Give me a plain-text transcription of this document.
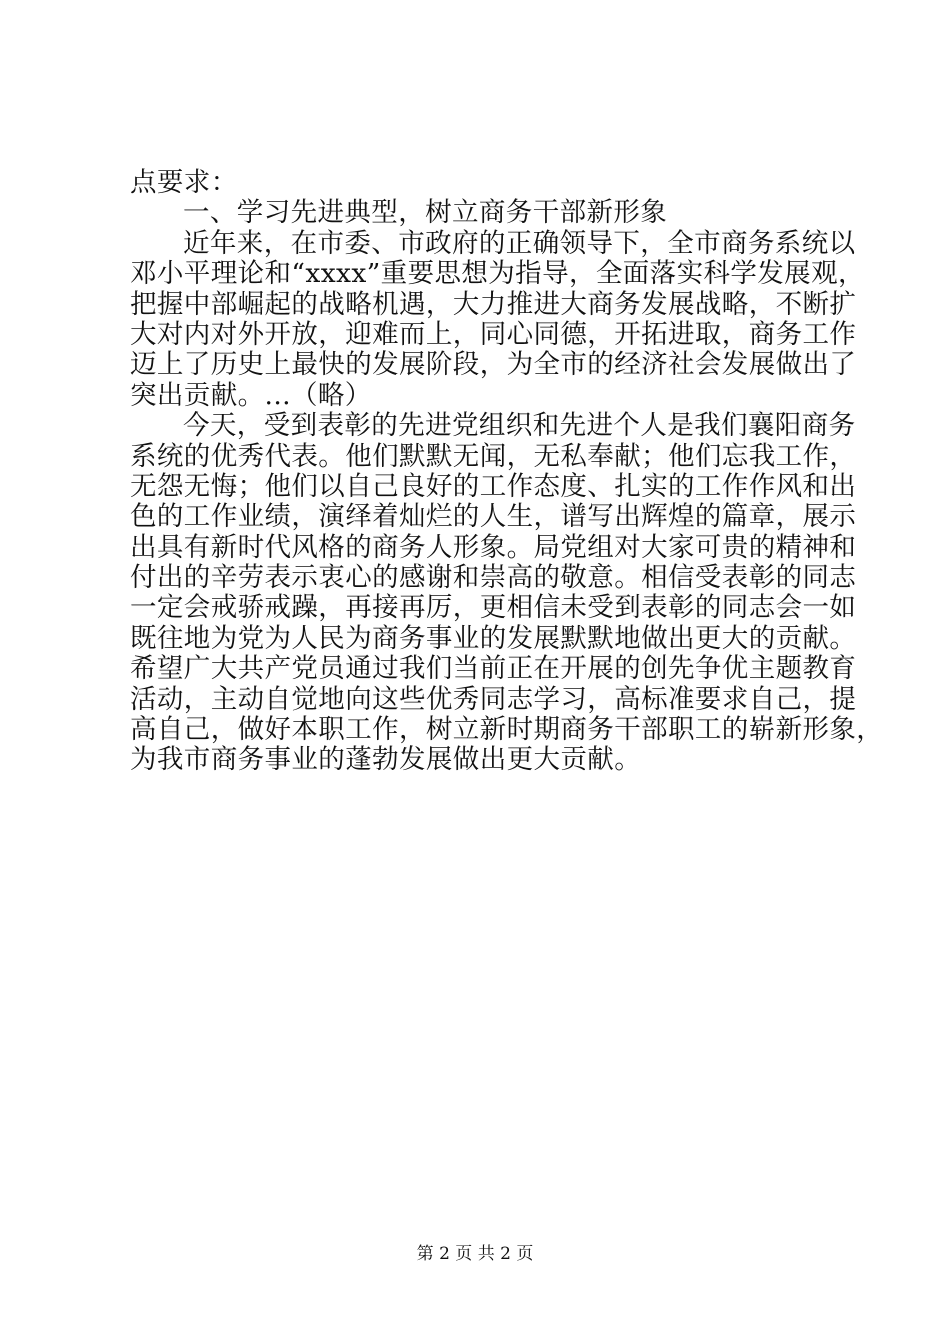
点要求：
一、学习先进典型，树立商务干部新形象
近年来，在市委、市政府的正确领导下，全市商务系统以
邓小平理论和“xxxx”重要思想为指导，全面落实科学发展观，
把握中部崛起的战略机遇，大力推进大商务发展战略，不断扩
大对内对外开放，迎难而上，同心同德，开拓进取，商务工作
迈上了历史上最快的发展阶段，为全市的经济社会发展做出了
突出贡献。...（略）
今天，受到表彰的先进党组织和先进个人是我们襄阳商务
系统的优秀代表。他们默默无闻，无私奉献；他们忘我工作，
无怨无悔；他们以自己良好的工作态度、扎实的工作作风和出
色的工作业绩，演绎着灿烂的人生，谱写出辉煌的篇章，展示
出具有新时代风格的商务人形象。局党组对大家可贵的精神和
付出的辛劳表示衷心的感谢和崇高的敬意。相信受表彰的同志
一定会戒骄戒躁，再接再厉，更相信未受到表彰的同志会一如
既往地为党为人民为商务事业的发展默默地做出更大的贡献。
希望广大共产党员通过我们当前正在开展的创先争优主题教育
活动，主动自觉地向这些优秀同志学习，高标准要求自己，提
高自己，做好本职工作，树立新时期商务干部职工的崭新形象，
为我市商务事业的蓬勃发展做出更大贡献。
第 2 页 共 2 页
